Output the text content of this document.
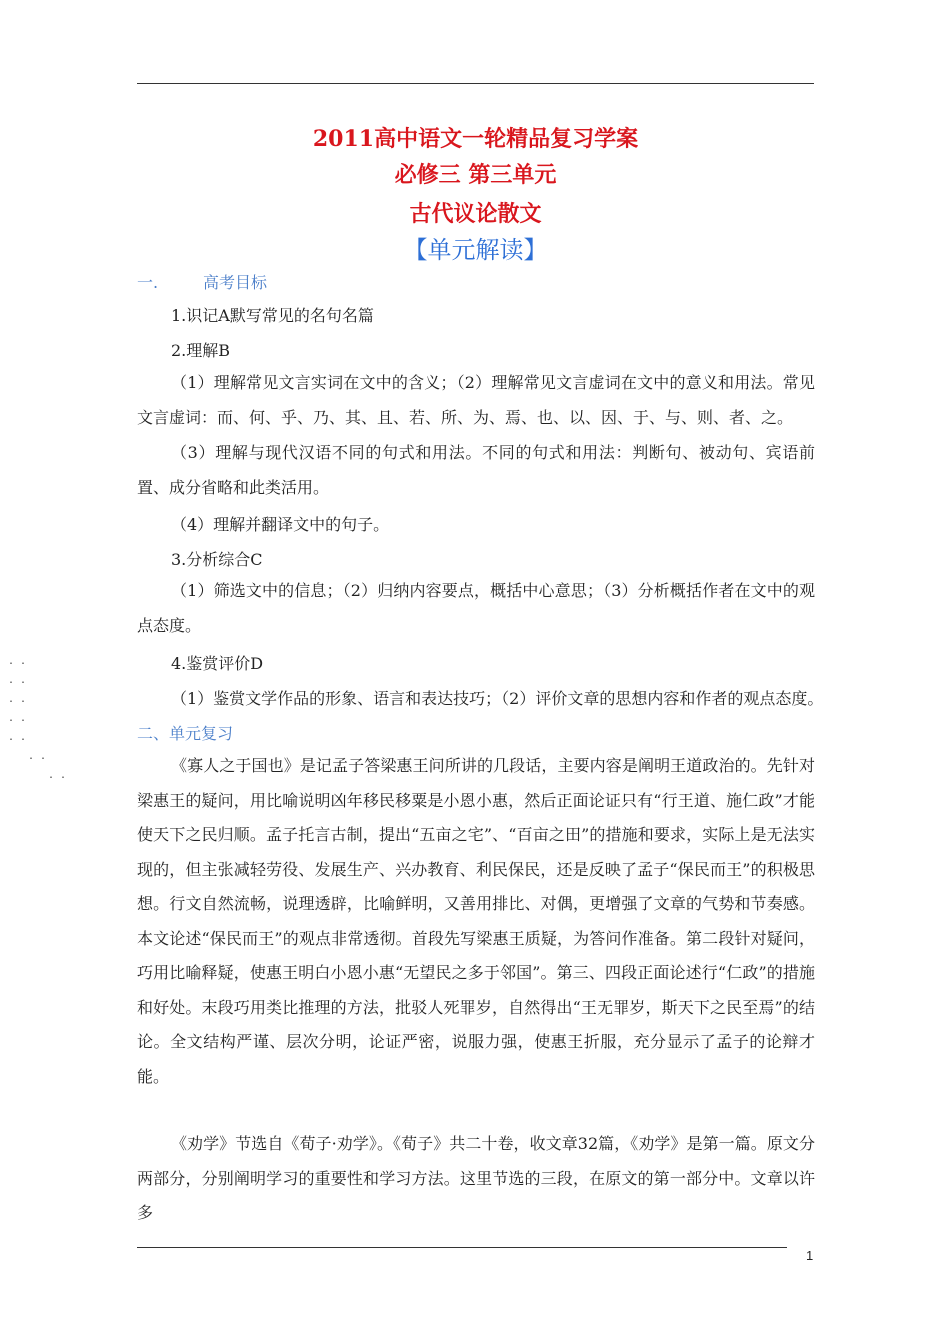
2011高中语文一轮精品复习学案
必修三 第三单元
古代议论散文
【单元解读】
一.	高考目标
1.识记A默写常见的名句名篇
2.理解B

（1）理解常见文言实词在文中的含义；（2）理解常见文言虚词在文中的意义和用法。常见文言虚词：而、何、乎、乃、其、且、若、所、为、焉、也、以、因、于、与、则、者、之。

（3）理解与现代汉语不同的句式和用法。不同的句式和用法：判断句、被动句、宾语前置、成分省略和此类活用。

（4）理解并翻译文中的句子。
3.分析综合C

（1）筛选文中的信息；（2）归纳内容要点，概括中心意思；（3）分析概括作者在文中的观点态度。

4.鉴赏评价D
（1）鉴赏文学作品的形象、语言和表达技巧；（2）评价文章的思想内容和作者的观点态度。
二、单元复习

《寡人之于国也》是记孟子答梁惠王问所讲的几段话，主要内容是阐明王道政治的。先针对梁惠王的疑问，用比喻说明凶年移民移粟是小恩小惠，然后正面论证只有“行王道、施仁政”才能使天下之民归顺。孟子托言古制，提出“五亩之宅”、“百亩之田”的措施和要求，实际上是无法实现的，但主张减轻劳役、发展生产、兴办教育、利民保民，还是反映了孟子“保民而王”的积极思想。行文自然流畅，说理透辟，比喻鲜明，又善用排比、对偶，更增强了文章的气势和节奏感。本文论述“保民而王”的观点非常透彻。首段先写梁惠王质疑，为答问作准备。第二段针对疑问，巧用比喻释疑，使惠王明白小恩小惠“无望民之多于邻国”。第三、四段正面论述行“仁政”的措施和好处。末段巧用类比推理的方法，批驳人死罪岁，自然得出“王无罪岁，斯天下之民至焉”的结论。全文结构严谨、层次分明，论证严密，说服力强，使惠王折服，充分显示了孟子的论辩才能。

《劝学》节选自《荀子·劝学》。《荀子》共二十卷，收文章32篇，《劝学》是第一篇。原文分两部分，分别阐明学习的重要性和学习方法。这里节选的三段，在原文的第一部分中。文章以许多

. .
. .
. .
. .
. .
. .
. .
1
